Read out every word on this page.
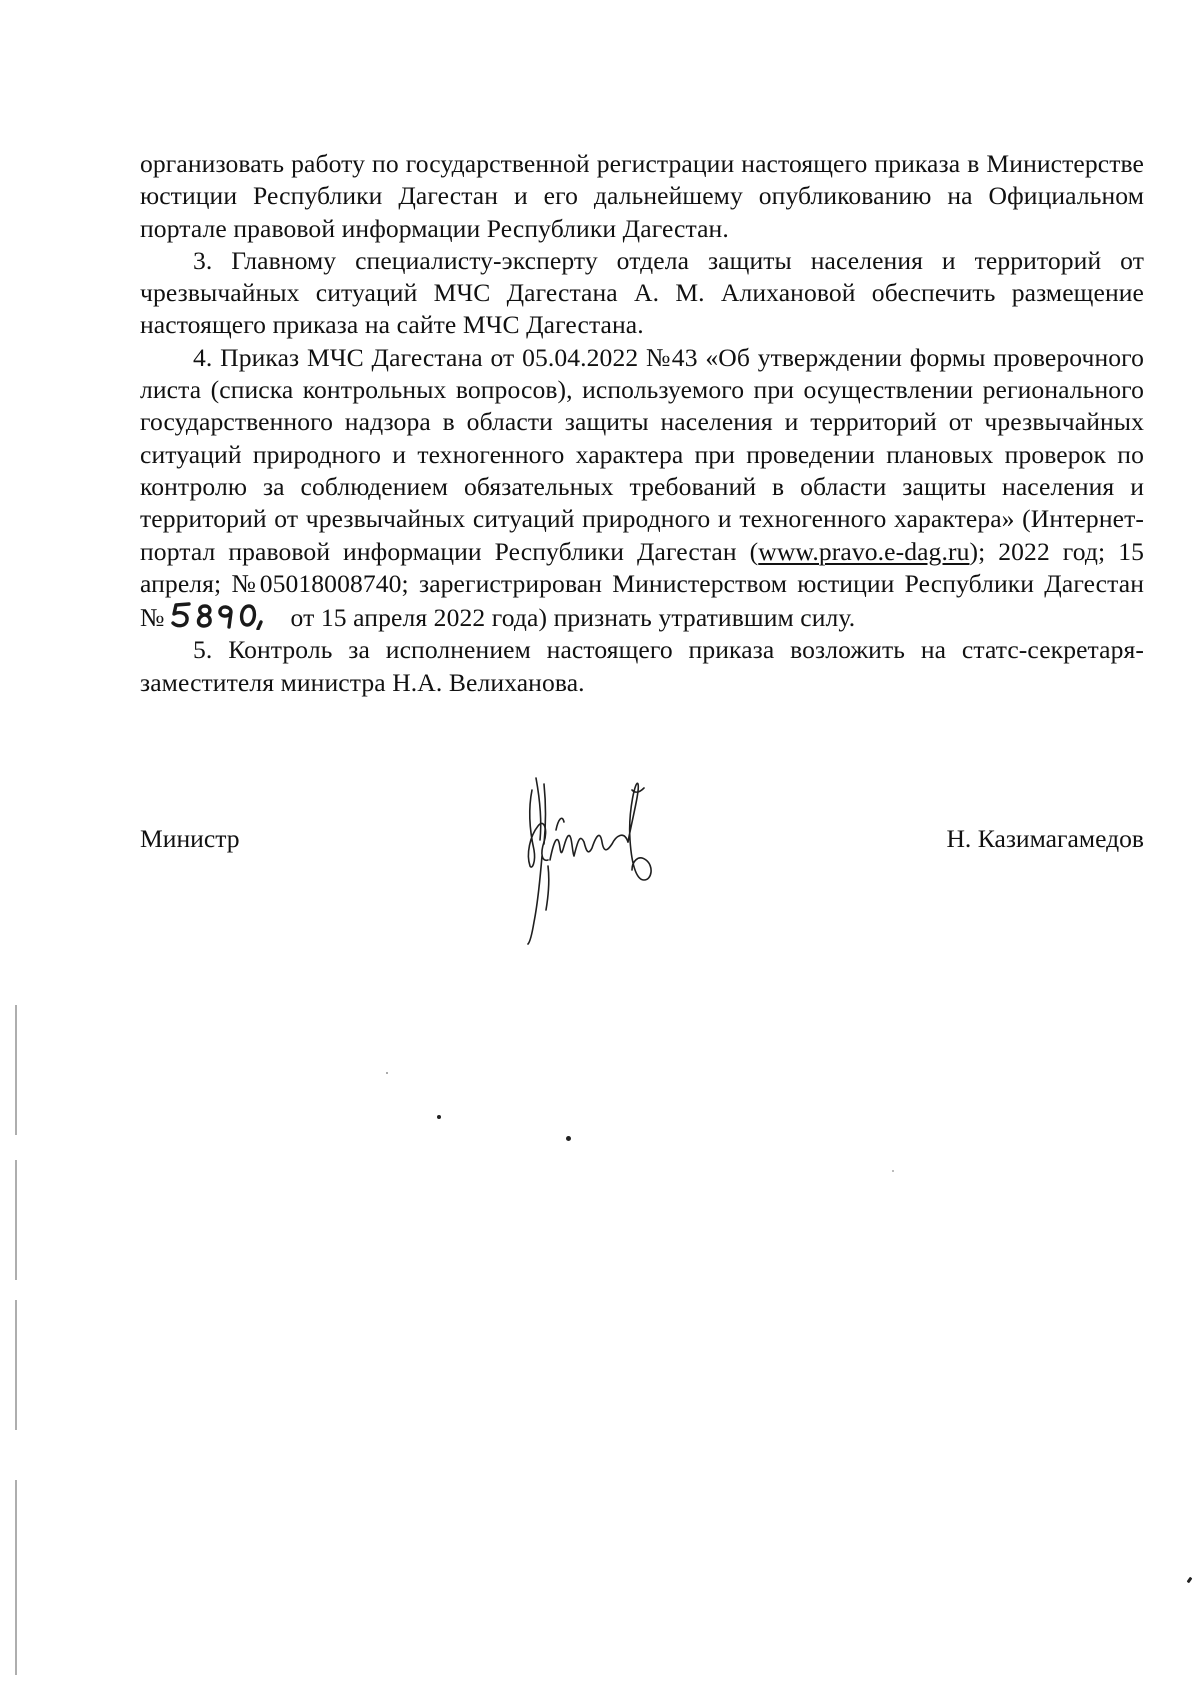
организовать работу по государственной регистрации настоящего приказа в Министерстве юстиции Республики Дагестан и его дальнейшему опубликованию на Официальном портале правовой информации Республики Дагестан.

3. Главному специалисту-эксперту отдела защиты населения и территорий от чрезвычайных ситуаций МЧС Дагестана А. М. Алихановой обеспечить размещение настоящего приказа на сайте МЧС Дагестана.

4. Приказ МЧС Дагестана от 05.04.2022 №43 «Об утверждении формы проверочного листа (списка контрольных вопросов), используемого при осуществлении регионального государственного надзора в области защиты населения и территорий от чрезвычайных ситуаций природного и техногенного характера при проведении плановых проверок по контролю за соблюдением обязательных требований в области защиты населения и территорий от чрезвычайных ситуаций природного и техногенного характера» (Интернет-портал правовой информации Республики Дагестан (www.pravo.e-dag.ru); 2022 год; 15 апреля; №05018008740; зарегистрирован Министерством юстиции Республики Дагестан №	от 15 апреля 2022 года) признать утратившим силу.

5. Контроль за исполнением настоящего приказа возложить на статс-секретаря-заместителя министра Н.А. Велиханова.

Министр	Н. Казимагамедов
